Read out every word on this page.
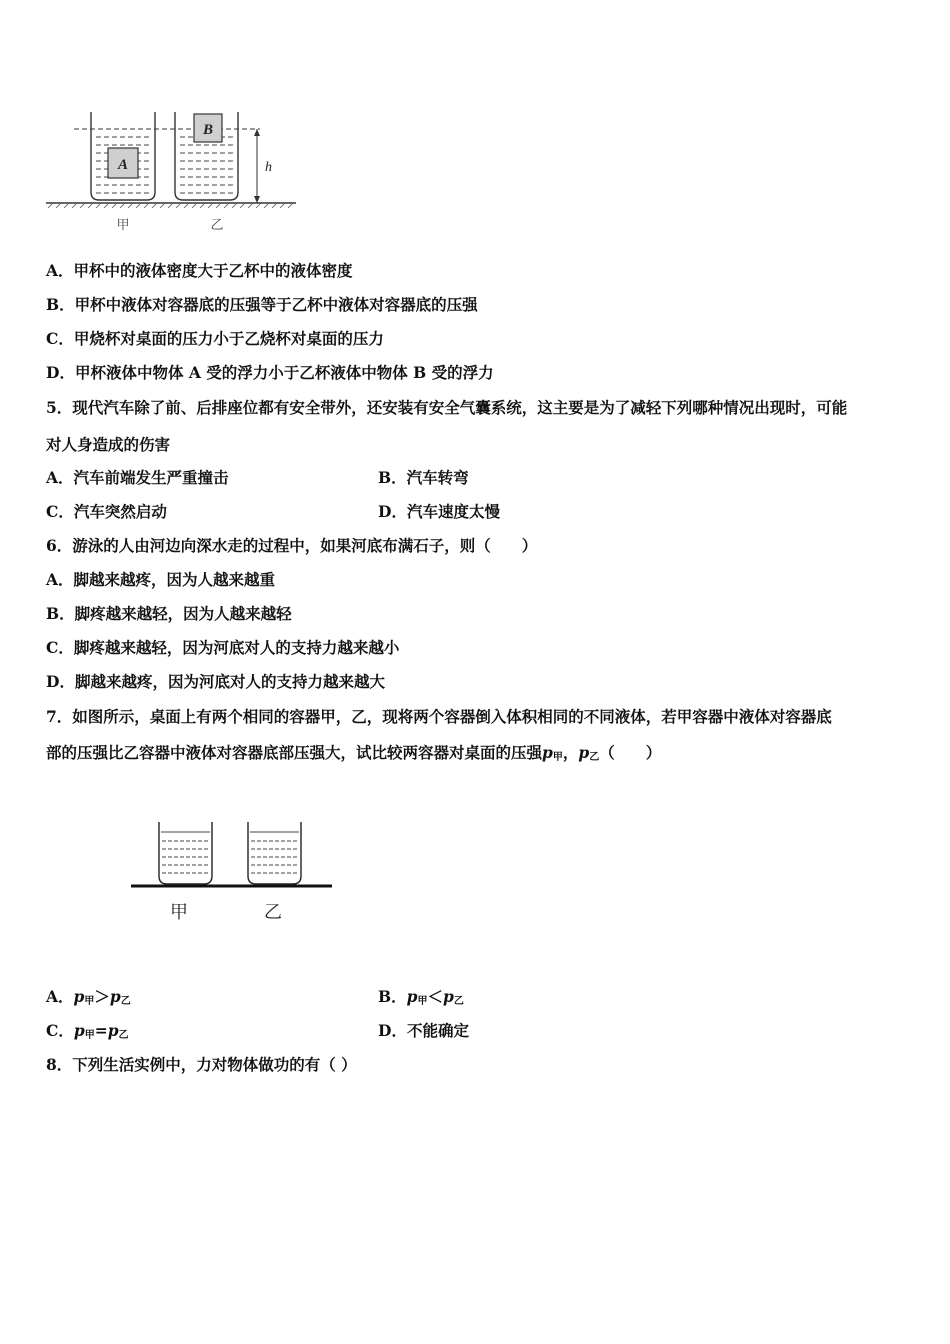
A
B
h
甲	乙
A．甲杯中的液体密度大于乙杯中的液体密度
B．甲杯中液体对容器底的压强等于乙杯中液体对容器底的压强
C．甲烧杯对桌面的压力小于乙烧杯对桌面的压力
D．甲杯液体中物体 A 受的浮力小于乙杯液体中物体 B 受的浮力
5．现代汽车除了前、后排座位都有安全带外，还安装有安全气囊系统，这主要是为了减轻下列哪种情况出现时，可能
对人身造成的伤害
A．汽车前端发生严重撞击	B．汽车转弯
C．汽车突然启动	D．汽车速度太慢
6．游泳的人由河边向深水走的过程中，如果河底布满石子，则（　　）
A．脚越来越疼，因为人越来越重
B．脚疼越来越轻，因为人越来越轻
C．脚疼越来越轻，因为河底对人的支持力越来越小
D．脚越来越疼，因为河底对人的支持力越来越大
7．如图所示，桌面上有两个相同的容器甲，乙，现将两个容器倒入体积相同的不同液体，若甲容器中液体对容器底
部的压强比乙容器中液体对容器底部压强大，试比较两容器对桌面的压强$p_甲$，$p_乙$（　　）
甲	乙
A．$p_甲>p_乙$	B．$p_甲<p_乙$
C．$p_甲=p_乙$	D．不能确定
8．下列生活实例中，力对物体做功的有（ ）
